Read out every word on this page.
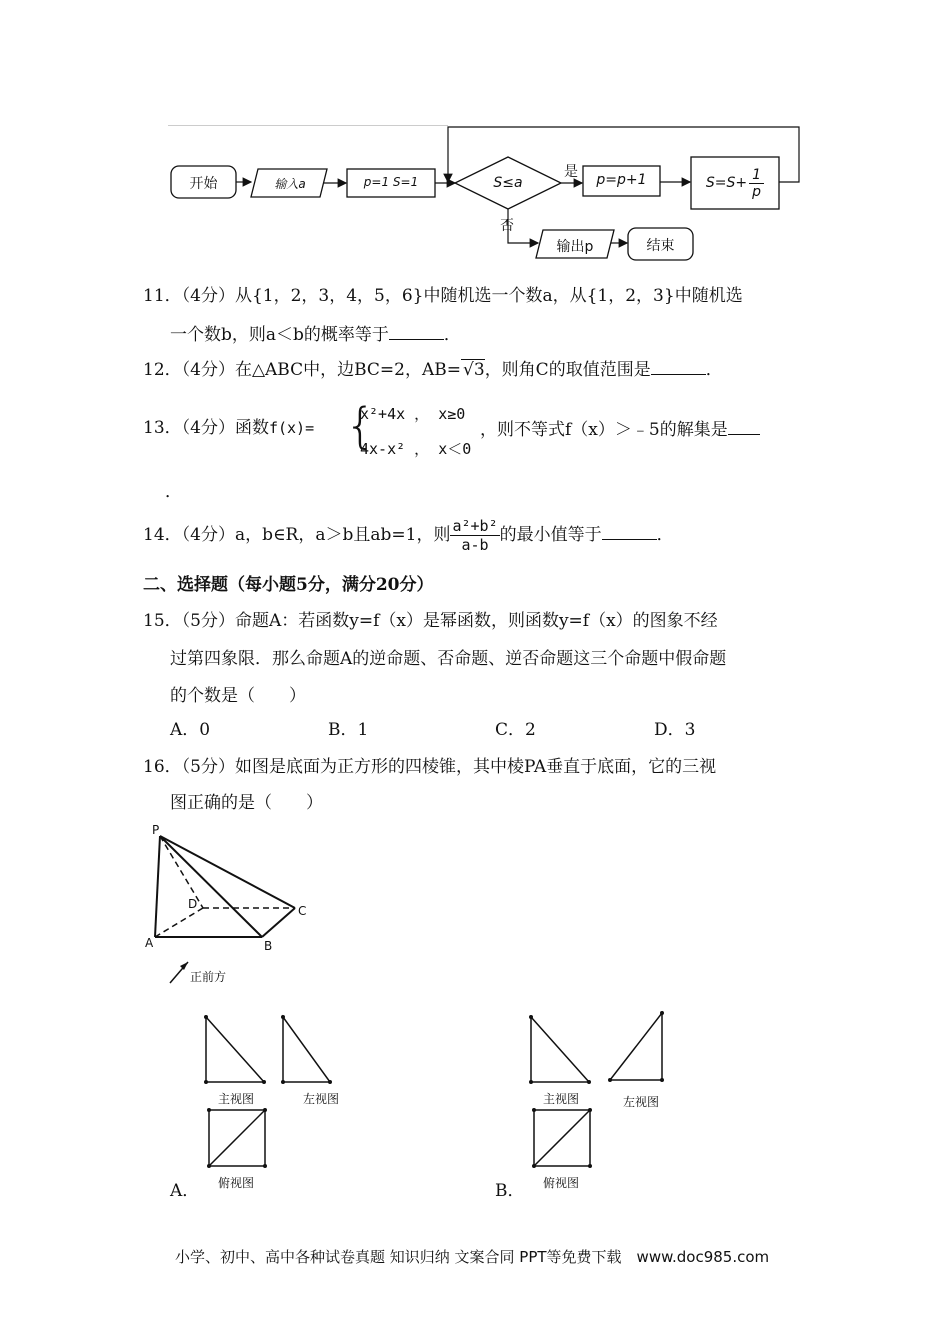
开始	输入a	p=1 S=1	S≤a
是
否
p=p+1	$S=S+ \frac{1}{p}$
输出p	结束
11．（4分）从{1，2，3，4，5，6}中随机选一个数a，从{1，2，3}中随机选
一个数b，则a＜b的概率等于	．
12．（4分）在△ABC中，边BC=2，AB= √3，则角C的取值范围是	．
13．（4分）函数f(x)= {
x²+4x ， x≥0
4x-x² ， x＜0
，则不等式f（x）＞﹣5的解集是
．
14．（4分）a，b∈R，a＞b且ab=1，则 $\frac{\text{a²+b²}}{a-b}$ 的最小值等于	．
二、选择题（每小题5分，满分20分）
15．（5分）命题A：若函数y=f（x）是幂函数，则函数y=f（x）的图象不经
过第四象限．那么命题A的逆命题、否命题、逆否命题这三个命题中假命题
的个数是（　　）
A．0	B．1	C．2	D．3
16．（5分）如图是底面为正方形的四棱锥，其中棱PA垂直于底面，它的三视
图正确的是（　　）
P
D	C
A	B
正前方
主视图	左视图
俯视图
A．
主视图	左视图
俯视图
B．
小学、初中、高中各种试卷真题 知识归纳 文案合同 PPT等免费下载　www.doc985.com
